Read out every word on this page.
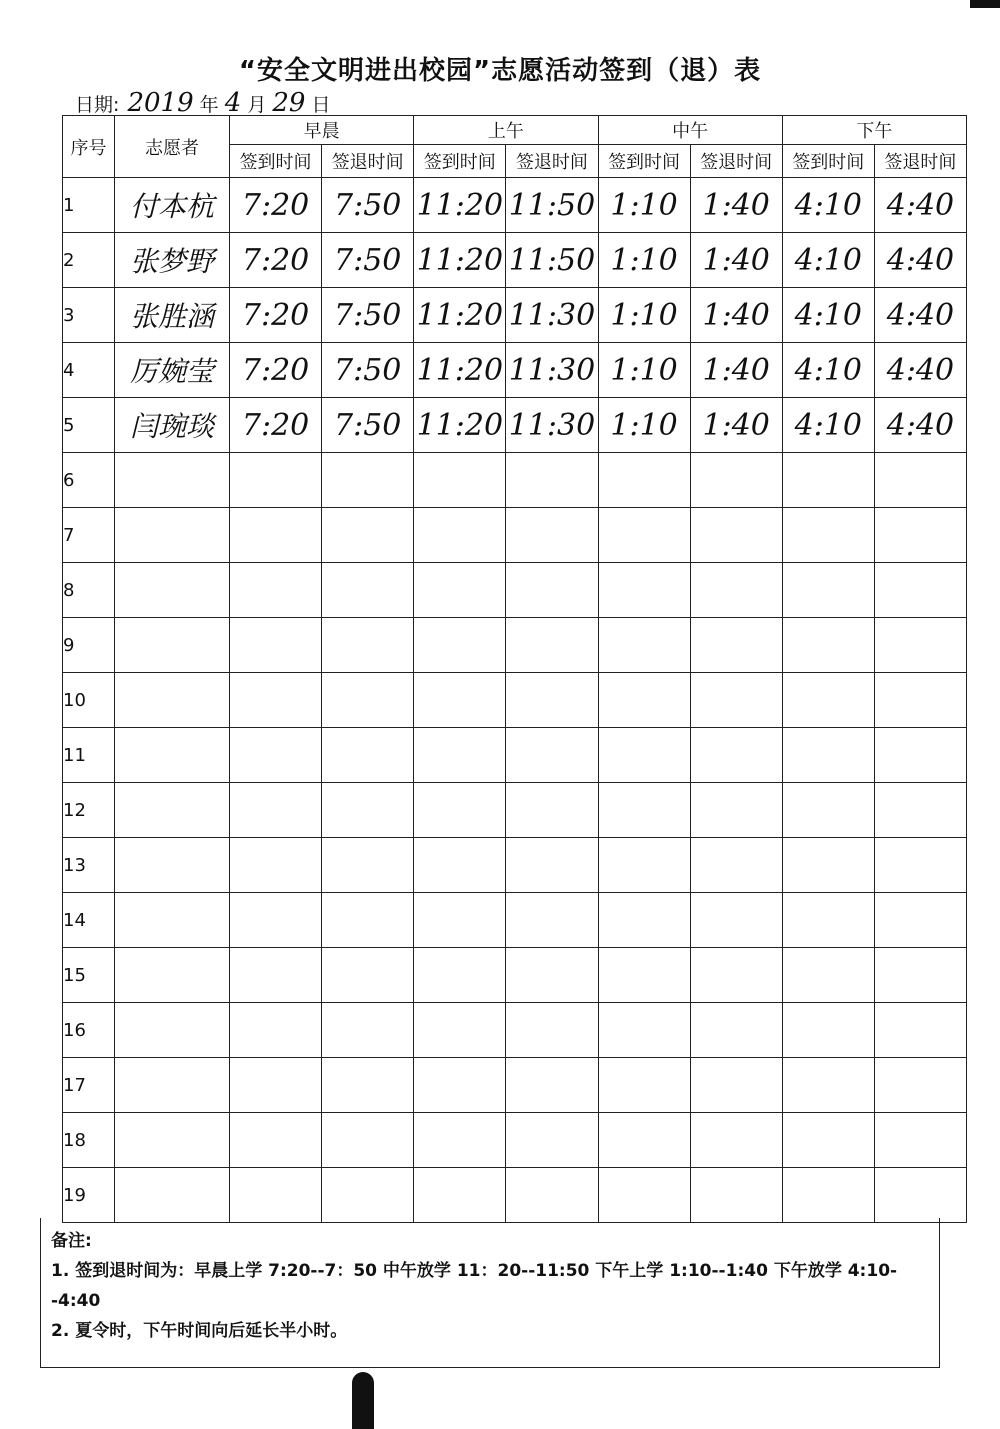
“安全文明进出校园”志愿活动签到（退）表
日期: 2019 年 4 月 29 日
序号	志愿者	早晨		上午		中午		下午	
		签到时间	签退时间	签到时间	签退时间	签到时间	签退时间	签到时间	签退时间
1	付本杭	7:20	7:50	11:20	11:50	1:10	1:40	4:10	4:40
2	张梦野	7:20	7:50	11:20	11:50	1:10	1:40	4:10	4:40
3	张胜涵	7:20	7:50	11:20	11:30	1:10	1:40	4:10	4:40
4	厉婉莹	7:20	7:50	11:20	11:30	1:10	1:40	4:10	4:40
5	闫琬琰	7:20	7:50	11:20	11:30	1:10	1:40	4:10	4:40
6									
7									
8									
9									
10									
11									
12									
13									
14									
15									
16									
17									
18									
19									
备注:
1. 签到退时间为：早晨上学 7:20--7：50 中午放学 11：20--11:50 下午上学 1:10--1:40 下午放学 4:10--4:40
2. 夏令时，下午时间向后延长半小时。
